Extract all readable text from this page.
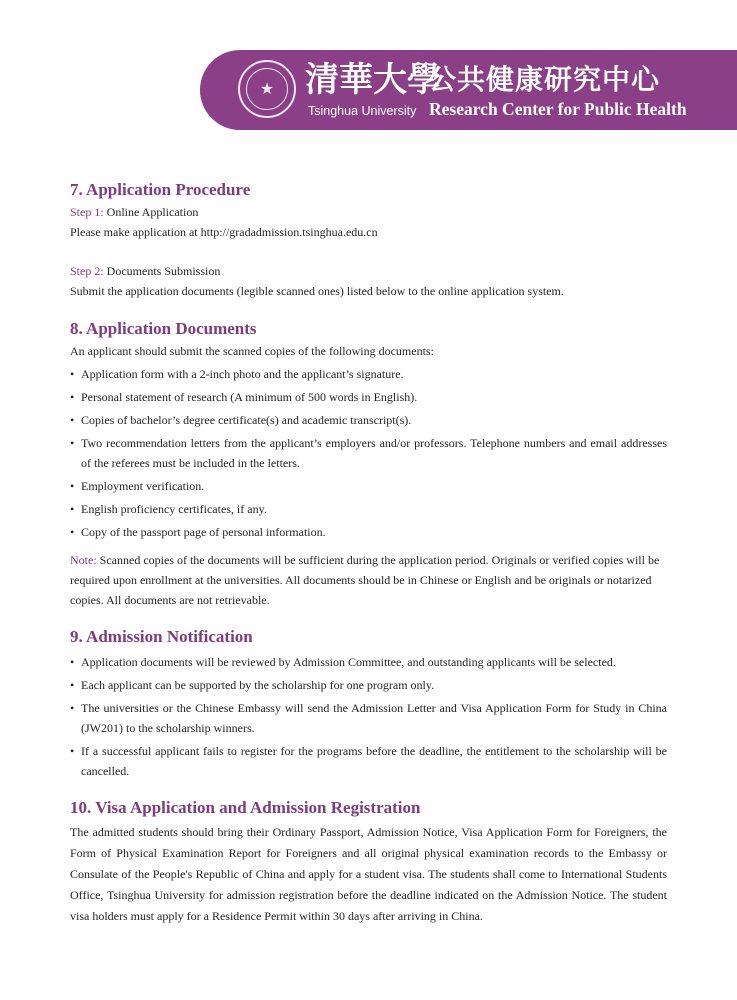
★ 清華大學
公共健康研究中心
Tsinghua University Research Center for Public Health
7. Application Procedure

Step 1: Online Application

Please make application at http://gradadmission.tsinghua.edu.cn

Step 2: Documents Submission

Submit the application documents (legible scanned ones) listed below to the online application system.

8. Application Documents

An applicant should submit the scanned copies of the following documents:

• Application form with a 2-inch photo and the applicant’s signature.
• Personal statement of research (A minimum of 500 words in English).
• Copies of bachelor’s degree certificate(s) and academic transcript(s).
• Two recommendation letters from the applicant’s employers and/or professors. Telephone numbers and email addresses of the referees must be included in the letters.
• Employment verification.
• English proficiency certificates, if any.
• Copy of the passport page of personal information.

Note: Scanned copies of the documents will be sufficient during the application period. Originals or verified copies will be required upon enrollment at the universities. All documents should be in Chinese or English and be originals or notarized copies. All documents are not retrievable.

9. Admission Notification
• Application documents will be reviewed by Admission Committee, and outstanding applicants will be selected.
• Each applicant can be supported by the scholarship for one program only.
• The universities or the Chinese Embassy will send the Admission Letter and Visa Application Form for Study in China (JW201) to the scholarship winners.
• If a successful applicant fails to register for the programs before the deadline, the entitlement to the scholarship will be cancelled.
10. Visa Application and Admission Registration

The admitted students should bring their Ordinary Passport, Admission Notice, Visa Application Form for Foreigners, the Form of Physical Examination Report for Foreigners and all original physical examination records to the Embassy or Consulate of the People's Republic of China and apply for a student visa. The students shall come to International Students Office, Tsinghua University for admission registration before the deadline indicated on the Admission Notice. The student visa holders must apply for a Residence Permit within 30 days after arriving in China.
